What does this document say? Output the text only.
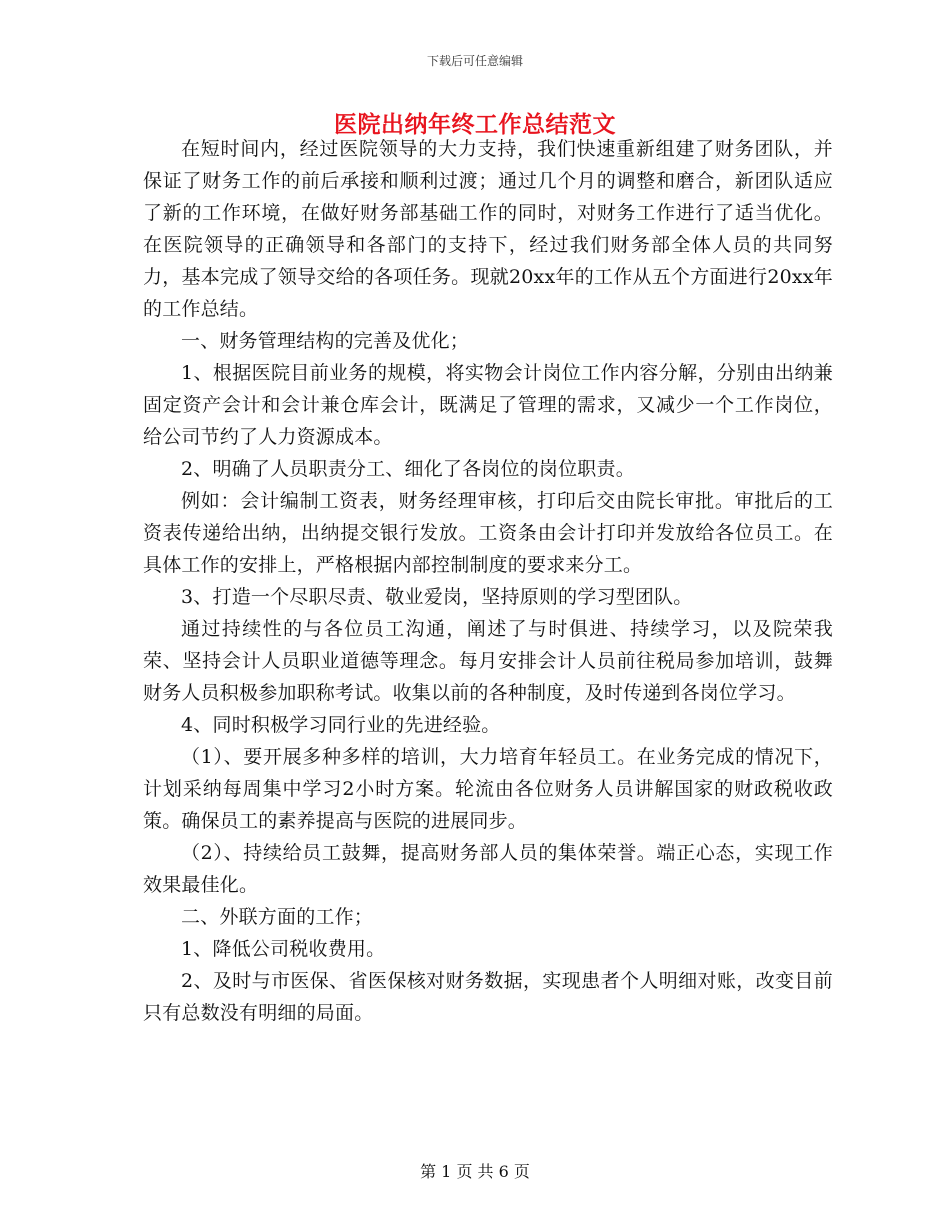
下载后可任意编辑
医院出纳年终工作总结范文

在短时间内，经过医院领导的大力支持，我们快速重新组建了财务团队，并保证了财务工作的前后承接和顺利过渡；通过几个月的调整和磨合，新团队适应了新的工作环境，在做好财务部基础工作的同时，对财务工作进行了适当优化。在医院领导的正确领导和各部门的支持下，经过我们财务部全体人员的共同努力，基本完成了领导交给的各项任务。现就20xx年的工作从五个方面进行20xx年的工作总结。

一、财务管理结构的完善及优化；

1、根据医院目前业务的规模，将实物会计岗位工作内容分解，分别由出纳兼固定资产会计和会计兼仓库会计，既满足了管理的需求，又减少一个工作岗位，给公司节约了人力资源成本。

2、明确了人员职责分工、细化了各岗位的岗位职责。

例如：会计编制工资表，财务经理审核，打印后交由院长审批。审批后的工资表传递给出纳，出纳提交银行发放。工资条由会计打印并发放给各位员工。在具体工作的安排上，严格根据内部控制制度的要求来分工。

3、打造一个尽职尽责、敬业爱岗，坚持原则的学习型团队。

通过持续性的与各位员工沟通，阐述了与时俱进、持续学习，以及院荣我荣、坚持会计人员职业道德等理念。每月安排会计人员前往税局参加培训，鼓舞财务人员积极参加职称考试。收集以前的各种制度，及时传递到各岗位学习。

4、同时积极学习同行业的先进经验。

（1）、要开展多种多样的培训，大力培育年轻员工。在业务完成的情况下，计划采纳每周集中学习2小时方案。轮流由各位财务人员讲解国家的财政税收政策。确保员工的素养提高与医院的进展同步。

（2）、持续给员工鼓舞，提高财务部人员的集体荣誉。端正心态，实现工作效果最佳化。

二、外联方面的工作；

1、降低公司税收费用。

2、及时与市医保、省医保核对财务数据，实现患者个人明细对账，改变目前只有总数没有明细的局面。

第 1 页 共 6 页
